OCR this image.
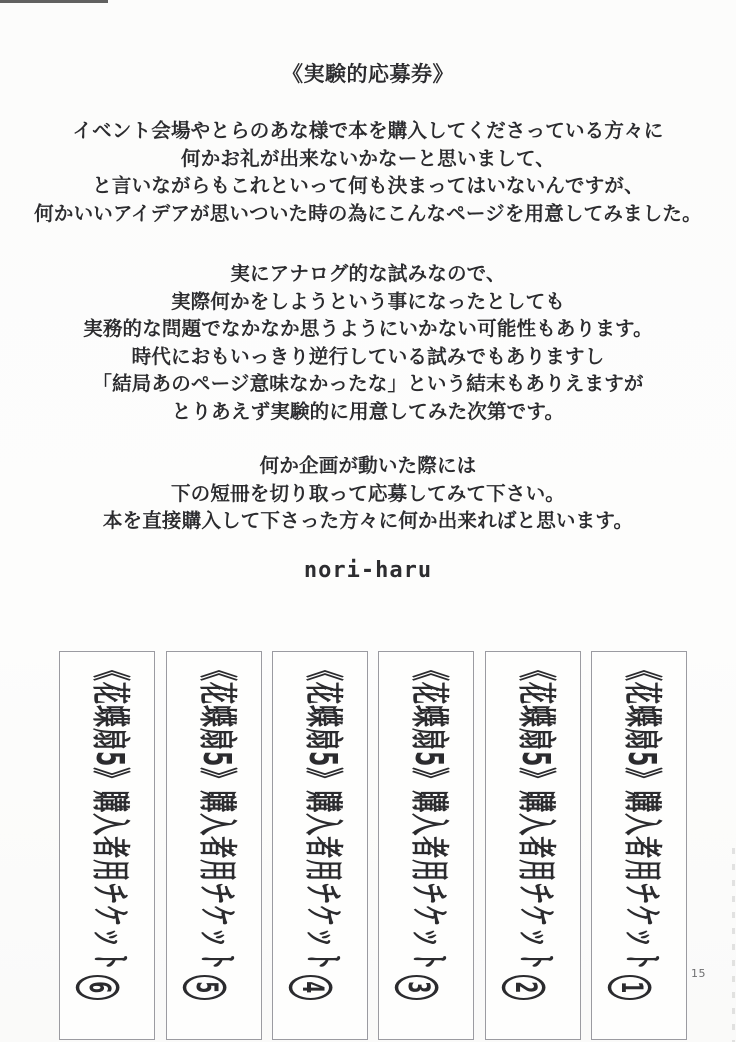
《実験的応募券》
イベント会場やとらのあな様で本を購入してくださっている方々に
何かお礼が出来ないかなーと思いまして、
と言いながらもこれといって何も決まってはいないんですが、
何かいいアイデアが思いついた時の為にこんなページを用意してみました。
実にアナログ的な試みなので、
実際何かをしようという事になったとしても
実務的な問題でなかなか思うようにいかない可能性もあります。
時代におもいっきり逆行している試みでもありますし
「結局あのページ意味なかったな」という結末もありえますが
とりあえず実験的に用意してみた次第です。
何か企画が動いた際には
下の短冊を切り取って応募してみて下さい。
本を直接購入して下さった方々に何か出来ればと思います。
nori-haru
15
《花蝶扇5》購入者用チケット6
《花蝶扇5》購入者用チケット5
《花蝶扇5》購入者用チケット4
《花蝶扇5》購入者用チケット3
《花蝶扇5》購入者用チケット2
《花蝶扇5》購入者用チケット1
